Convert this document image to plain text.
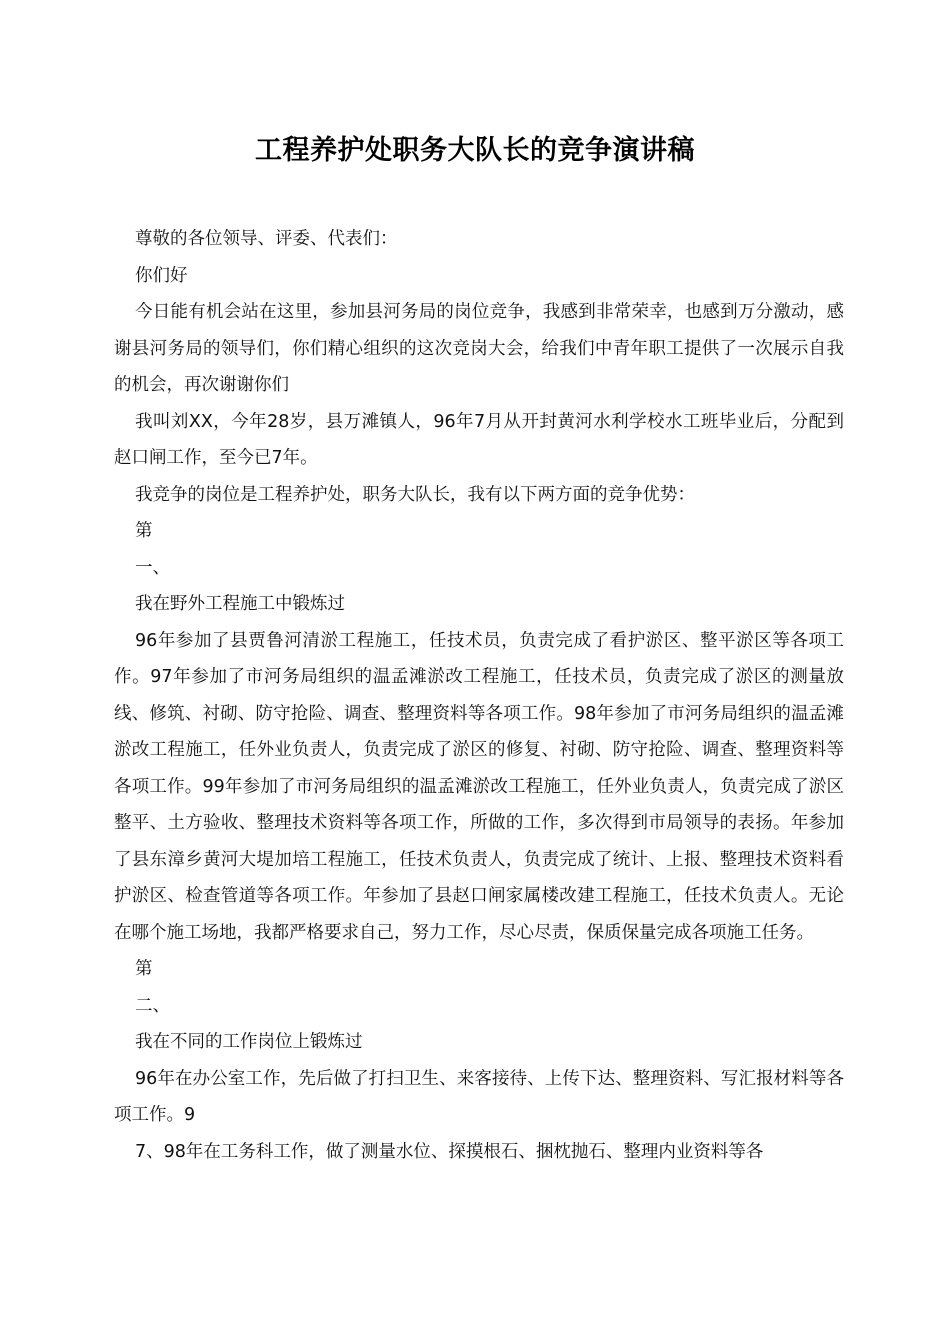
工程养护处职务大队长的竞争演讲稿

尊敬的各位领导、评委、代表们：

你们好

今日能有机会站在这里，参加县河务局的岗位竞争，我感到非常荣幸，也感到万分激动，感谢县河务局的领导们，你们精心组织的这次竞岗大会，给我们中青年职工提供了一次展示自我的机会，再次谢谢你们

我叫刘XX，今年28岁，县万滩镇人，96年7月从开封黄河水利学校水工班毕业后，分配到赵口闸工作，至今已7年。

我竞争的岗位是工程养护处，职务大队长，我有以下两方面的竞争优势：

第

一、

我在野外工程施工中锻炼过

96年参加了县贾鲁河清淤工程施工，任技术员，负责完成了看护淤区、整平淤区等各项工作。97年参加了市河务局组织的温孟滩淤改工程施工，任技术员，负责完成了淤区的测量放线、修筑、衬砌、防守抢险、调查、整理资料等各项工作。98年参加了市河务局组织的温孟滩淤改工程施工，任外业负责人，负责完成了淤区的修复、衬砌、防守抢险、调查、整理资料等各项工作。99年参加了市河务局组织的温孟滩淤改工程施工，任外业负责人，负责完成了淤区整平、土方验收、整理技术资料等各项工作，所做的工作，多次得到市局领导的表扬。年参加了县东漳乡黄河大堤加培工程施工，任技术负责人，负责完成了统计、上报、整理技术资料看护淤区、检查管道等各项工作。年参加了县赵口闸家属楼改建工程施工，任技术负责人。无论在哪个施工场地，我都严格要求自己，努力工作，尽心尽责，保质保量完成各项施工任务。

第

二、

我在不同的工作岗位上锻炼过

96年在办公室工作，先后做了打扫卫生、来客接待、上传下达、整理资料、写汇报材料等各项工作。9

7、98年在工务科工作，做了测量水位、探摸根石、捆枕抛石、整理内业资料等各
